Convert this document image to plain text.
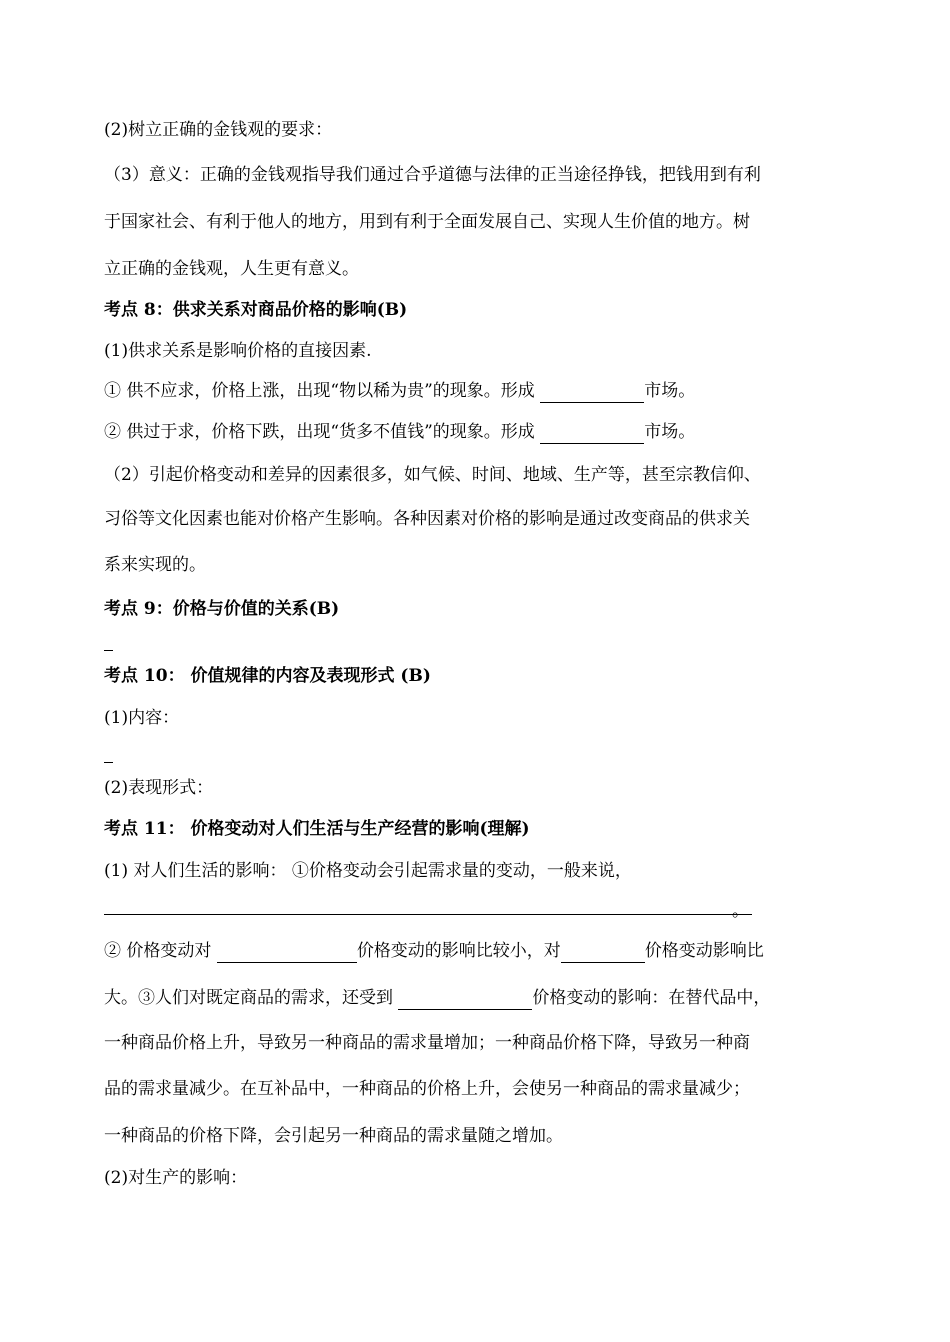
(2)树立正确的金钱观的要求：
（3）意义：正确的金钱观指导我们通过合乎道德与法律的正当途径挣钱，把钱用到有利
于国家社会、有利于他人的地方，用到有利于全面发展自己、实现人生价值的地方。树
立正确的金钱观，人生更有意义。
考点 8：供求关系对商品价格的影响(B)
(1)供求关系是影响价格的直接因素.
① 供不应求，价格上涨，出现“物以稀为贵”的现象。形成	市场。
② 供过于求，价格下跌，出现“货多不值钱”的现象。形成	市场。
（2）引起价格变动和差异的因素很多，如气候、时间、地域、生产等，甚至宗教信仰、
习俗等文化因素也能对价格产生影响。各种因素对价格的影响是通过改变商品的供求关
系来实现的。
考点 9：价格与价值的关系(B)
考点 10： 价值规律的内容及表现形式 (B)
(1)内容：
(2)表现形式：
考点 11： 价格变动对人们生活与生产经营的影响(理解)
(1) 对人们生活的影响： ①价格变动会引起需求量的变动，一般来说，
。
② 价格变动对	价格变动的影响比较小，对	价格变动影响比
大。③人们对既定商品的需求，还受到	价格变动的影响：在替代品中，
一种商品价格上升，导致另一种商品的需求量增加；一种商品价格下降，导致另一种商
品的需求量减少。在互补品中，一种商品的价格上升，会使另一种商品的需求量减少；
一种商品的价格下降，会引起另一种商品的需求量随之增加。
(2)对生产的影响：
